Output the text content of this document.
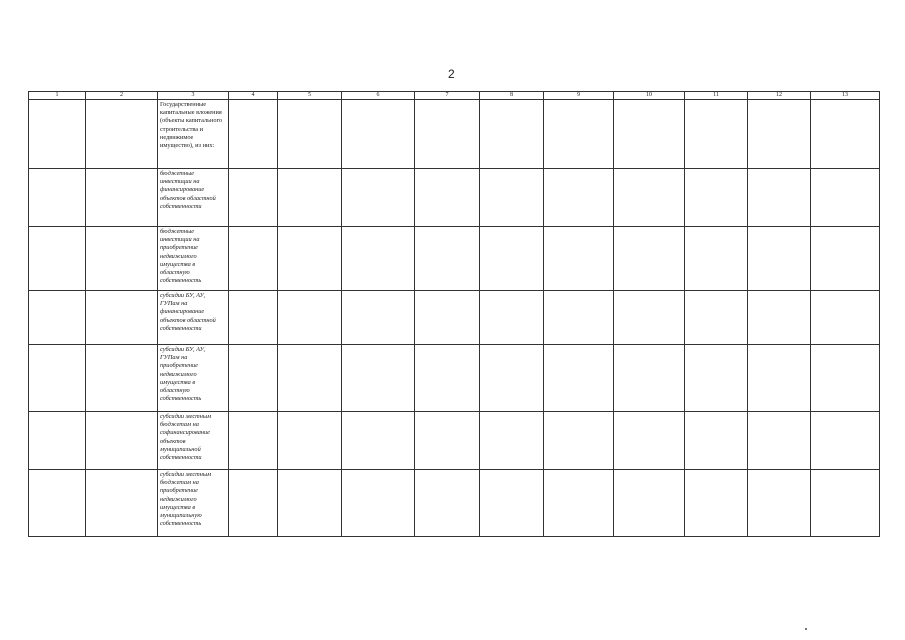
2
1	2	3	4	5	6	7	8	9	10	11	12	13
		Государственные капитальные вложения (объекты капитального строительства и недвижимое имущество), из них:										
		бюджетные инвестиции на финансирование объектов областной собственности										
		бюджетные инвестиции на приобретение недвижимого имущества в областную собственность										
		субсидии БУ, АУ, ГУПам на финансирование объектов областной собственности										
		субсидии БУ, АУ, ГУПам на приобретение недвижимого имущества в областную собственность										
		субсидии местным бюджетам на софинансирование объектов муниципальной собственности										
		субсидии местным бюджетам на приобретение недвижимого имущества в муниципальную собственность										
